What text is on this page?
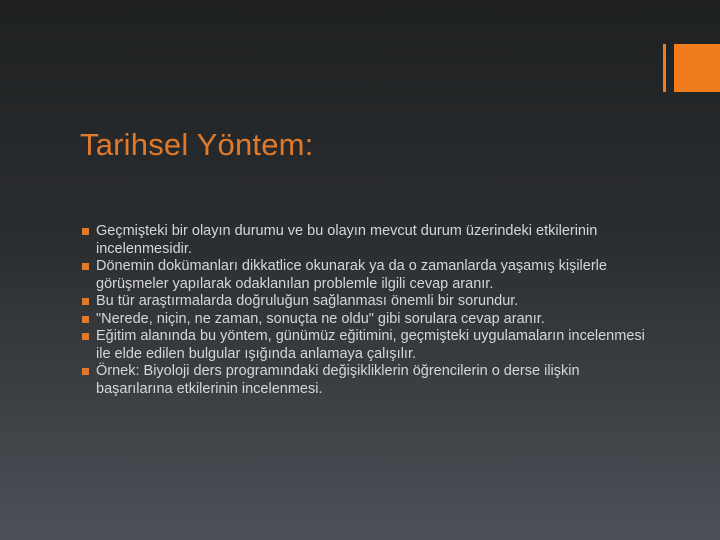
Tarihsel Yöntem:
Geçmişteki bir olayın durumu ve bu olayın mevcut durum üzerindeki etkilerinin incelenmesidir.
Dönemin dokümanları dikkatlice okunarak ya da o zamanlarda yaşamış kişilerle görüşmeler yapılarak odaklanılan problemle ilgili cevap aranır.
Bu tür araştırmalarda doğruluğun sağlanması önemli bir sorundur.
"Nerede, niçin, ne zaman, sonuçta ne oldu" gibi sorulara cevap aranır.
Eğitim alanında bu yöntem, günümüz eğitimini, geçmişteki uygulamaların incelenmesi ile elde edilen bulgular ışığında anlamaya çalışılır.
Örnek: Biyoloji ders programındaki değişikliklerin öğrencilerin o derse ilişkin başarılarına etkilerinin incelenmesi.
